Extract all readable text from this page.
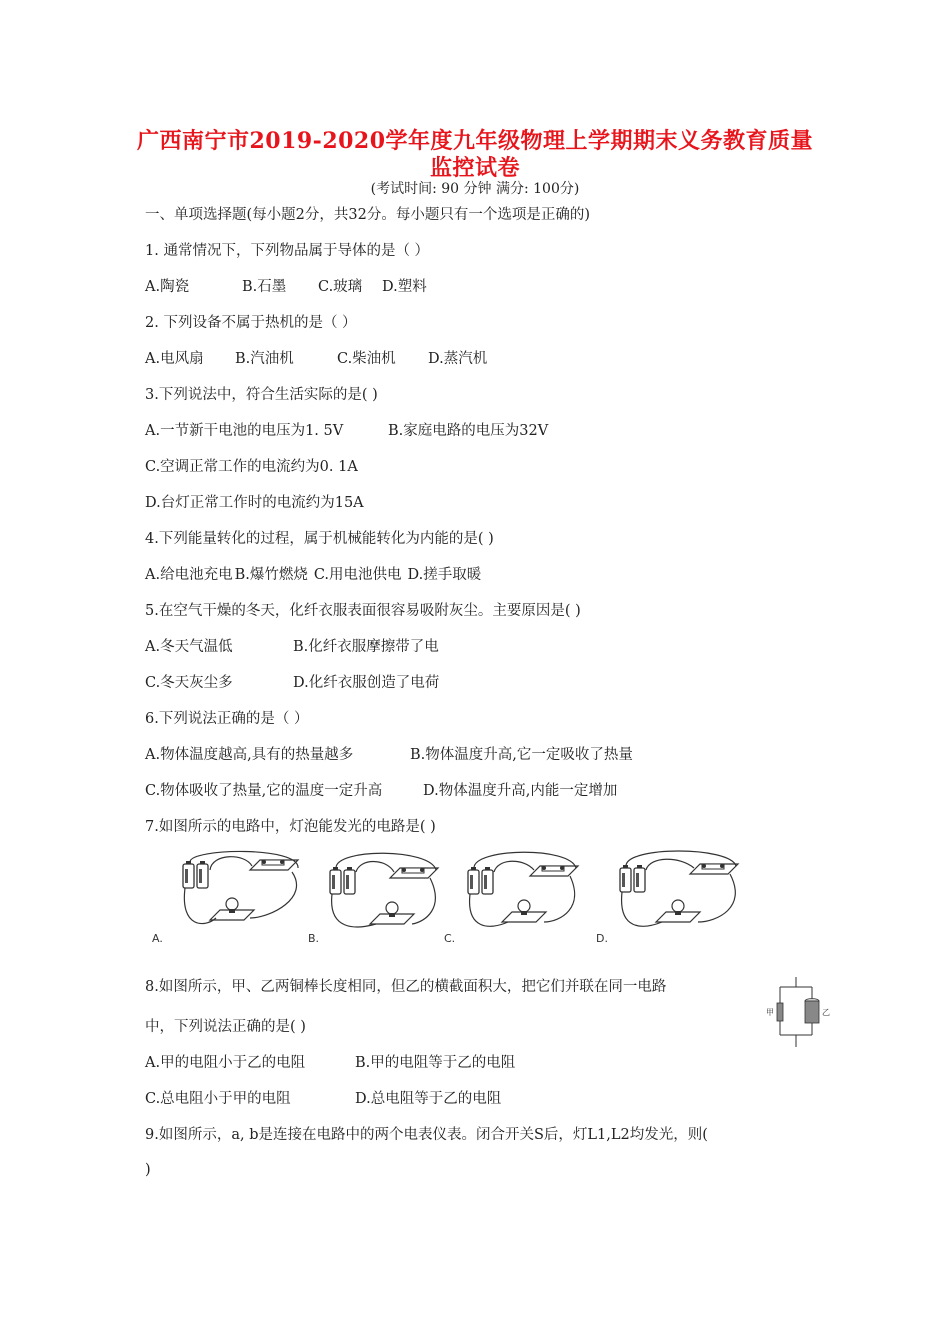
广西南宁市2019-2020学年度九年级物理上学期期末义务教育质量
监控试卷
(考试时间: 90 分钟 满分: 100分)
一、单项选择题(每小题2分，共32分。每小题只有一个选项是正确的)
1. 通常情况下，下列物品属于导体的是（ ）
A.陶瓷	B.石墨 C.玻璃 D.塑料
2. 下列设备不属于热机的是（ ）
A.电风扇 B.汽油机	C.柴油机 D.蒸汽机
3.下列说法中，符合生活实际的是( )
A.一节新干电池的电压为1. 5V	B.家庭电路的电压为32V
C.空调正常工作的电流约为0. 1A
D.台灯正常工作时的电流约为15A
4.下列能量转化的过程，属于机械能转化为内能的是( )
A.给电池充电 B.爆竹燃烧 C.用电池供电 D.搓手取暖
5.在空气干燥的冬天，化纤衣服表面很容易吸附灰尘。主要原因是( )
A.冬天气温低	B.化纤衣服摩擦带了电
C.冬天灰尘多	D.化纤衣服创造了电荷
6.下列说法正确的是（ ）
A.物体温度越高,具有的热量越多	B.物体温度升高,它一定吸收了热量
C.物体吸收了热量,它的温度一定升高	D.物体温度升高,内能一定增加
7.如图所示的电路中，灯泡能发光的电路是( )
A.	B.	C.	D.
8.如图所示，甲、乙两铜棒长度相同，但乙的横截面积大，把它们并联在同一电路
中，下列说法正确的是( )
甲	乙
A.甲的电阻小于乙的电阻	B.甲的电阻等于乙的电阻
C.总电阻小于甲的电阻	D.总电阻等于乙的电阻
9.如图所示，a, b是连接在电路中的两个电表仪表。闭合开关S后，灯L1,L2均发光，则(
)
